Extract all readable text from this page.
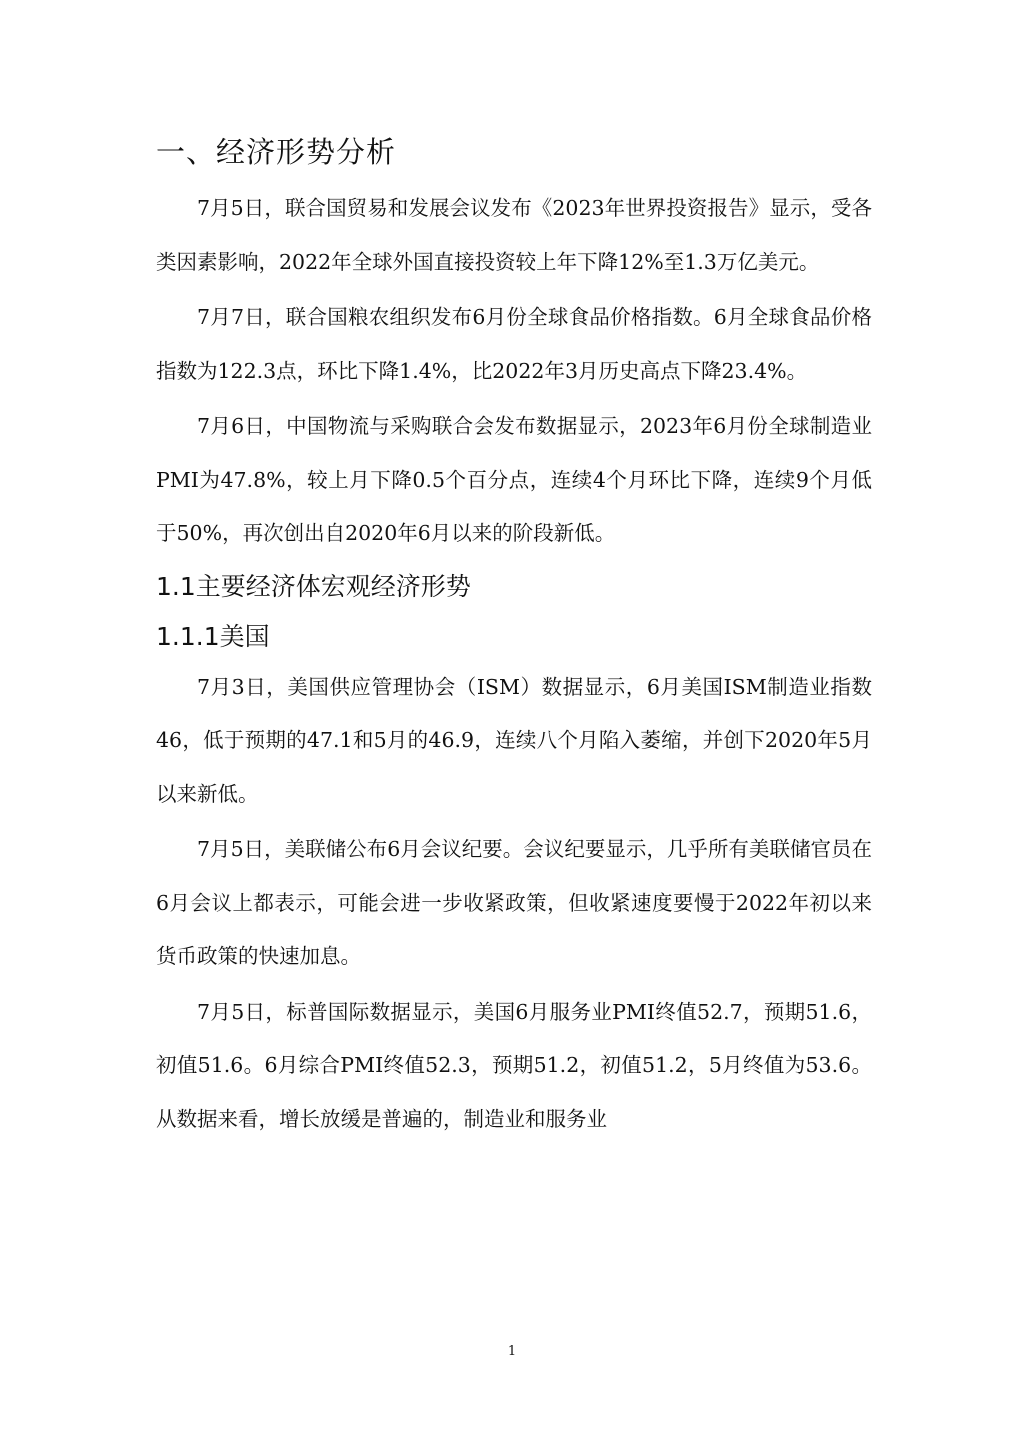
一、经济形势分析

7月5日，联合国贸易和发展会议发布《2023年世界投资报告》显示，受各类因素影响，2022年全球外国直接投资较上年下降12%至1.3万亿美元。

7月7日，联合国粮农组织发布6月份全球食品价格指数。6月全球食品价格指数为122.3点，环比下降1.4%，比2022年3月历史高点下降23.4%。

7月6日，中国物流与采购联合会发布数据显示，2023年6月份全球制造业PMI为47.8%，较上月下降0.5个百分点，连续4个月环比下降，连续9个月低于50%，再次创出自2020年6月以来的阶段新低。

1.1主要经济体宏观经济形势
1.1.1美国

7月3日，美国供应管理协会（ISM）数据显示，6月美国ISM制造业指数46，低于预期的47.1和5月的46.9，连续八个月陷入萎缩，并创下2020年5月以来新低。

7月5日，美联储公布6月会议纪要。会议纪要显示，几乎所有美联储官员在6月会议上都表示，可能会进一步收紧政策，但收紧速度要慢于2022年初以来货币政策的快速加息。

7月5日，标普国际数据显示，美国6月服务业PMI终值52.7，预期51.6，初值51.6。6月综合PMI终值52.3，预期51.2，初值51.2，5月终值为53.6。从数据来看，增长放缓是普遍的，制造业和服务业

1
